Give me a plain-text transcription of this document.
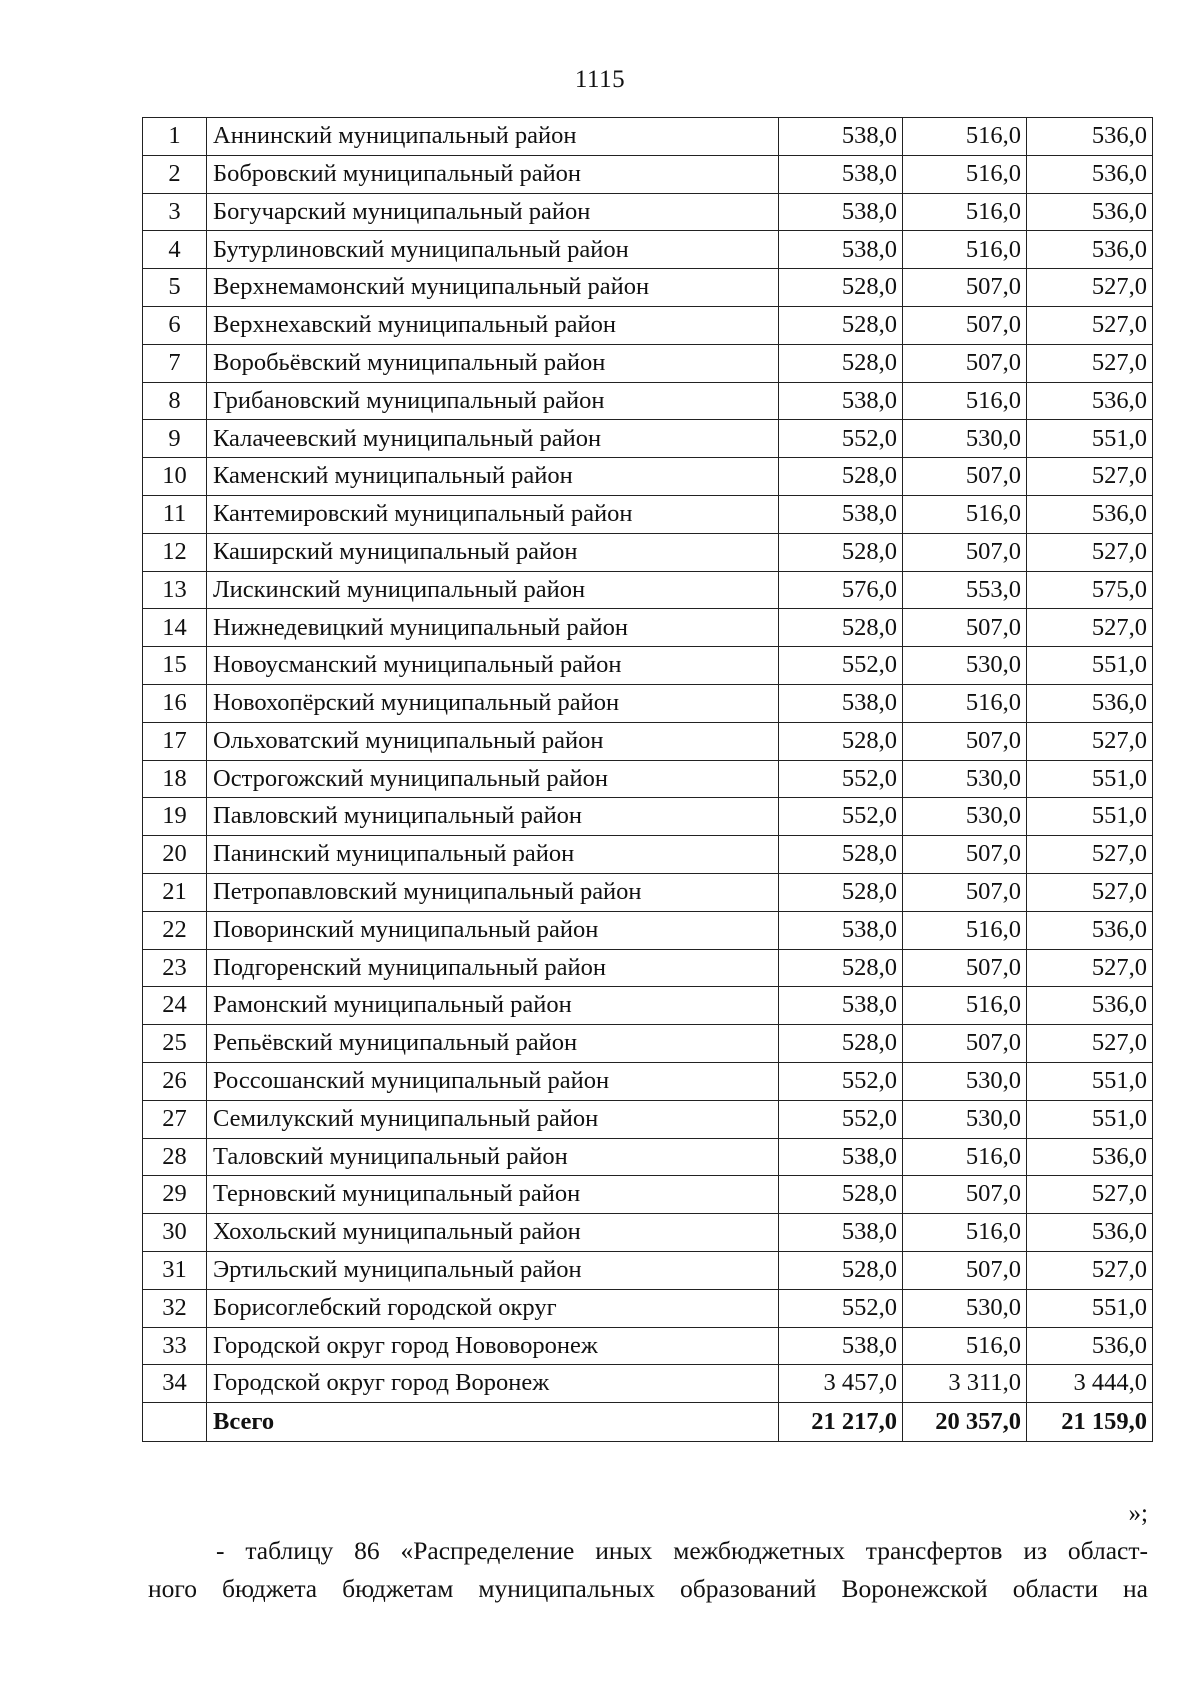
1115
1	Аннинский муниципальный район	538,0	516,0	536,0
2	Бобровский муниципальный район	538,0	516,0	536,0
3	Богучарский муниципальный район	538,0	516,0	536,0
4	Бутурлиновский муниципальный район	538,0	516,0	536,0
5	Верхнемамонский муниципальный район	528,0	507,0	527,0
6	Верхнехавский муниципальный район	528,0	507,0	527,0
7	Воробьёвский муниципальный район	528,0	507,0	527,0
8	Грибановский муниципальный район	538,0	516,0	536,0
9	Калачеевский муниципальный район	552,0	530,0	551,0
10	Каменский муниципальный район	528,0	507,0	527,0
11	Кантемировский муниципальный район	538,0	516,0	536,0
12	Каширский муниципальный район	528,0	507,0	527,0
13	Лискинский муниципальный район	576,0	553,0	575,0
14	Нижнедевицкий муниципальный район	528,0	507,0	527,0
15	Новоусманский муниципальный район	552,0	530,0	551,0
16	Новохопёрский муниципальный район	538,0	516,0	536,0
17	Ольховатский муниципальный район	528,0	507,0	527,0
18	Острогожский муниципальный район	552,0	530,0	551,0
19	Павловский муниципальный район	552,0	530,0	551,0
20	Панинский муниципальный район	528,0	507,0	527,0
21	Петропавловский муниципальный район	528,0	507,0	527,0
22	Поворинский муниципальный район	538,0	516,0	536,0
23	Подгоренский муниципальный район	528,0	507,0	527,0
24	Рамонский муниципальный район	538,0	516,0	536,0
25	Репьёвский муниципальный район	528,0	507,0	527,0
26	Россошанский муниципальный район	552,0	530,0	551,0
27	Семилукский муниципальный район	552,0	530,0	551,0
28	Таловский муниципальный район	538,0	516,0	536,0
29	Терновский муниципальный район	528,0	507,0	527,0
30	Хохольский муниципальный район	538,0	516,0	536,0
31	Эртильский муниципальный район	528,0	507,0	527,0
32	Борисоглебский городской округ	552,0	530,0	551,0
33	Городской округ город Нововоронеж	538,0	516,0	536,0
34	Городской округ город Воронеж	3 457,0	3 311,0	3 444,0
	Всего	21 217,0	20 357,0	21 159,0
»;
- таблицу 86 «Распределение иных межбюджетных трансфертов из област-
ного бюджета бюджетам муниципальных образований Воронежской области на
